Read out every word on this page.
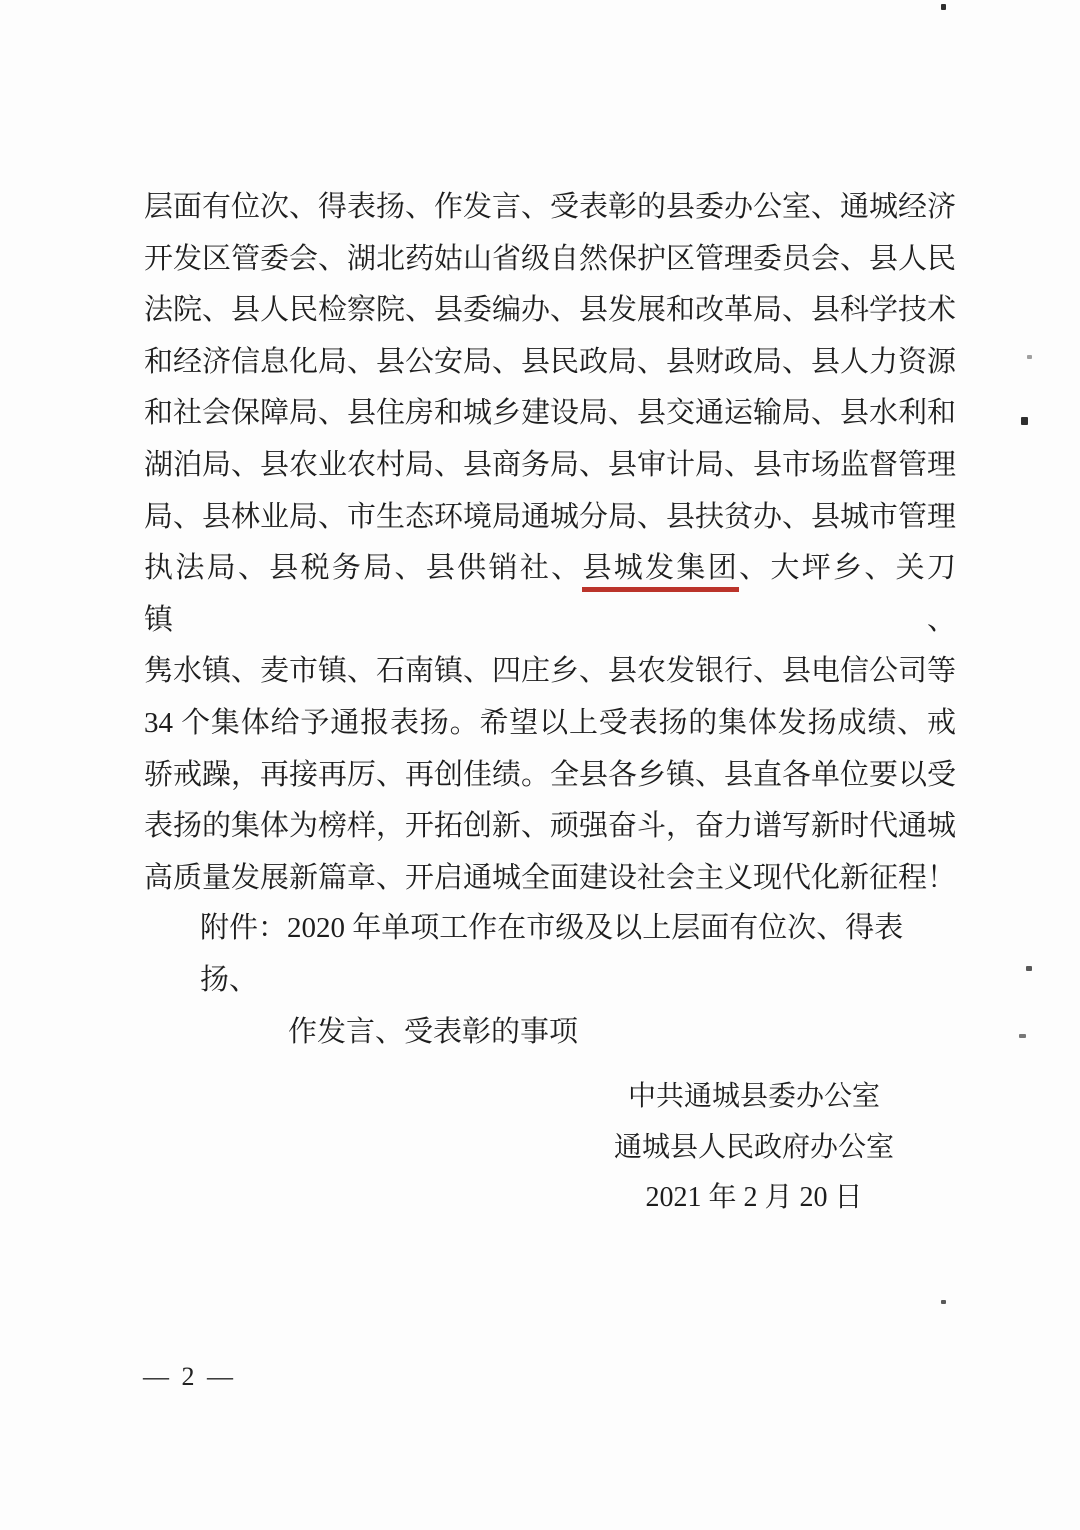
层面有位次、得表扬、作发言、受表彰的县委办公室、通城经济
开发区管委会、湖北药姑山省级自然保护区管理委员会、县人民
法院、县人民检察院、县委编办、县发展和改革局、县科学技术
和经济信息化局、县公安局、县民政局、县财政局、县人力资源
和社会保障局、县住房和城乡建设局、县交通运输局、县水利和
湖泊局、县农业农村局、县商务局、县审计局、县市场监督管理
局、县林业局、市生态环境局通城分局、县扶贫办、县城市管理
执法局、县税务局、县供销社、县城发集团、大坪乡、关刀镇、
隽水镇、麦市镇、石南镇、四庄乡、县农发银行、县电信公司等
34 个集体给予通报表扬。希望以上受表扬的集体发扬成绩、戒
骄戒躁，再接再厉、再创佳绩。全县各乡镇、县直各单位要以受
表扬的集体为榜样，开拓创新、顽强奋斗，奋力谱写新时代通城
高质量发展新篇章、开启通城全面建设社会主义现代化新征程！
附件：2020 年单项工作在市级及以上层面有位次、得表扬、
作发言、受表彰的事项
中共通城县委办公室
通城县人民政府办公室
2021 年 2 月 20 日
— 2 —
